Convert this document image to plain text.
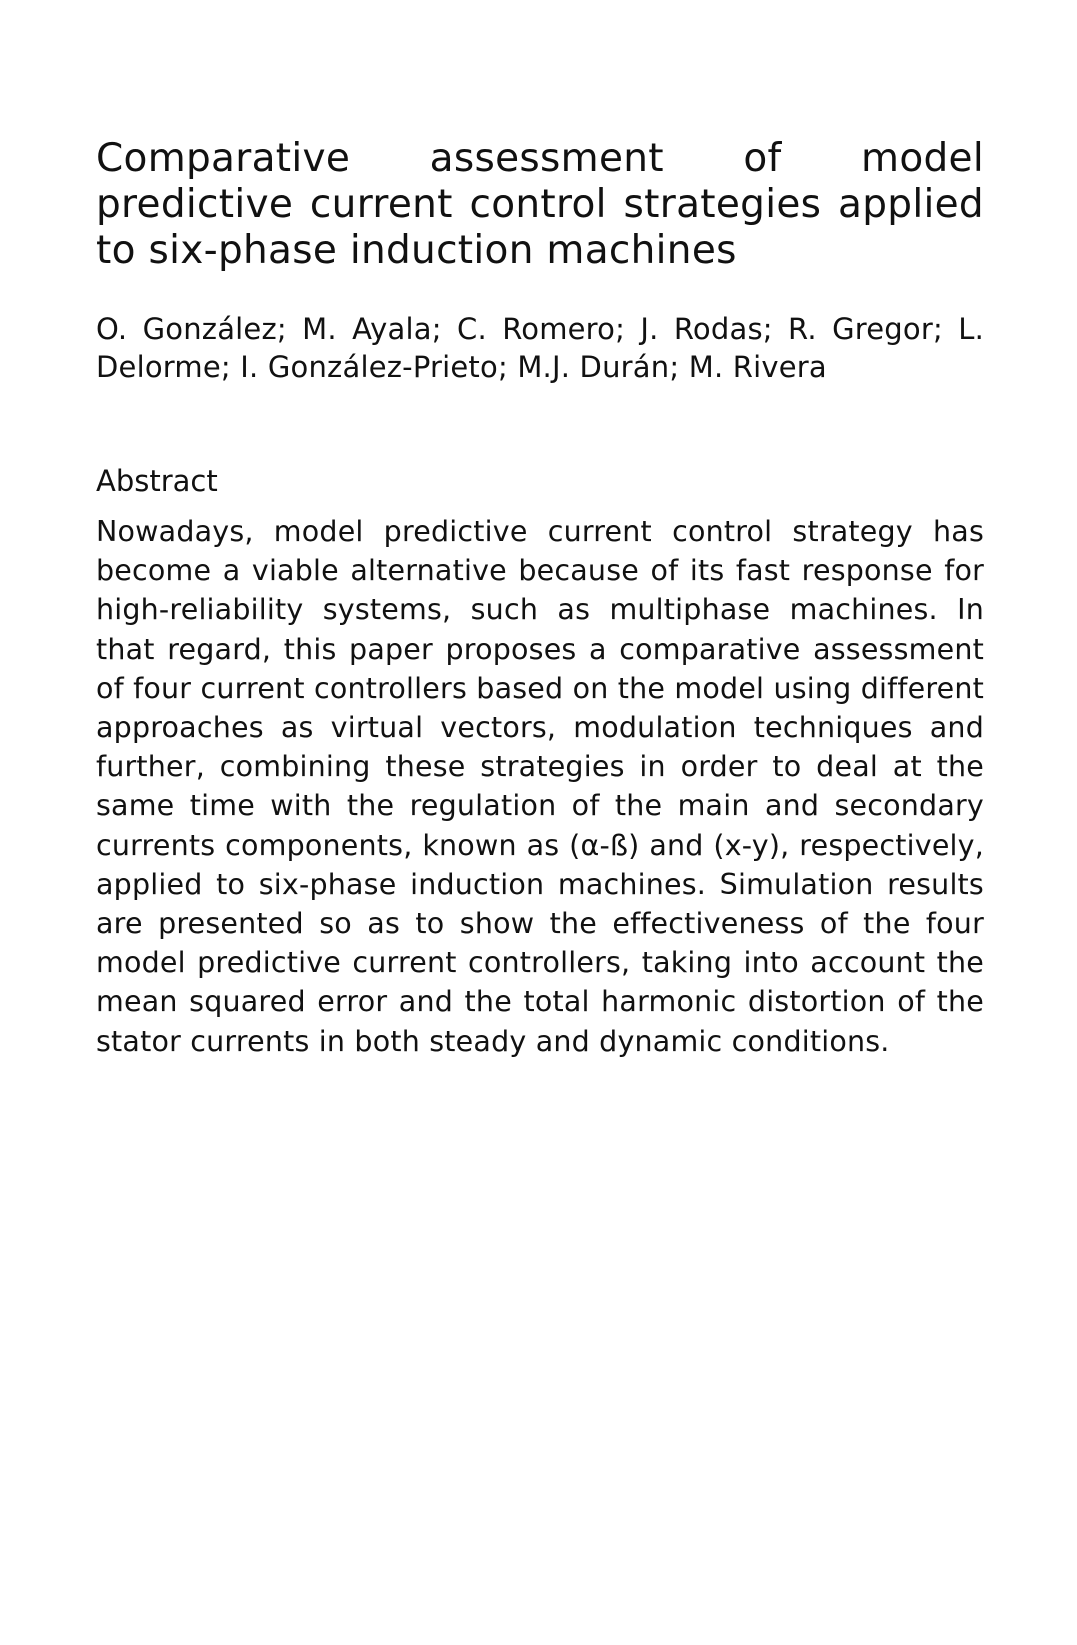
Comparative assessment of model predictive current control strategies applied to six-phase induction machines

O. González; M. Ayala; C. Romero; J. Rodas; R. Gregor; L. Delorme; I. González-Prieto; M.J. Durán; M. Rivera

Abstract

Nowadays, model predictive current control strategy has become a viable alternative because of its fast response for high-reliability systems, such as multiphase machines. In that regard, this paper proposes a comparative assessment of four current controllers based on the model using different approaches as virtual vectors, modulation techniques and further, combining these strategies in order to deal at the same time with the regulation of the main and secondary currents components, known as (α-ß) and (x-y), respectively, applied to six-phase induction machines. Simulation results are presented so as to show the effectiveness of the four model predictive current controllers, taking into account the mean squared error and the total harmonic distortion of the stator currents in both steady and dynamic conditions.
